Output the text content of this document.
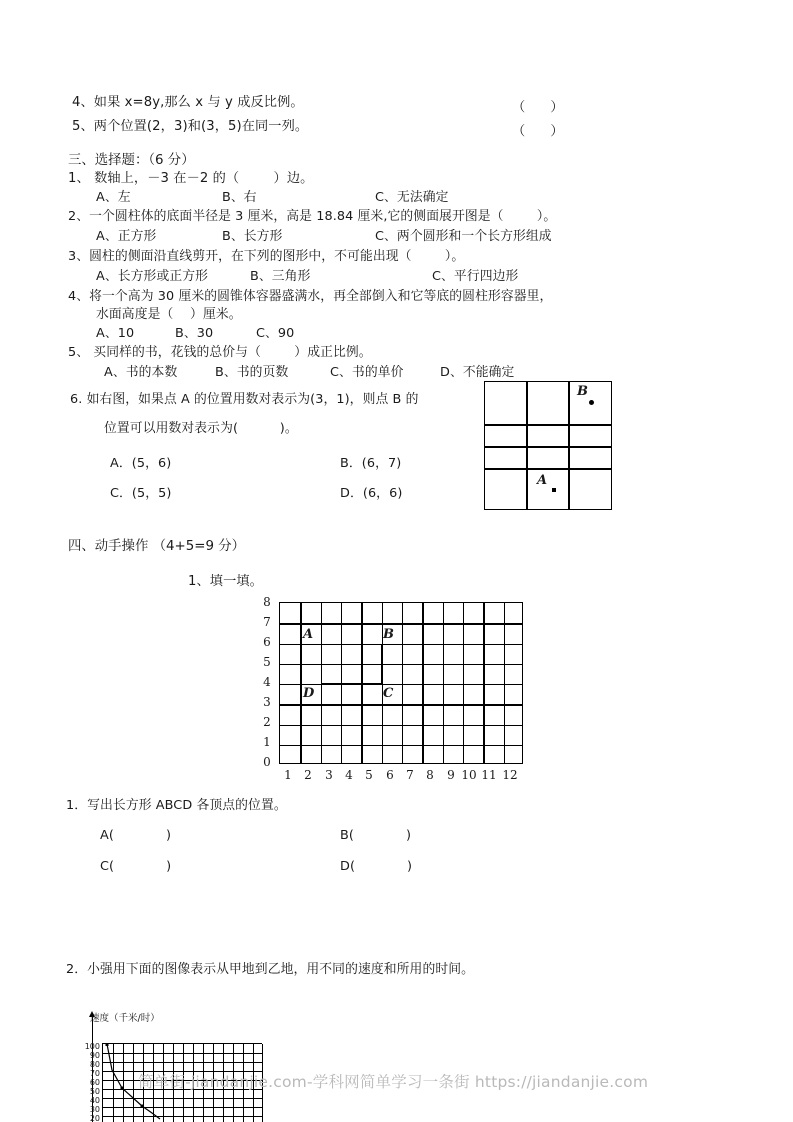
4、如果 x=8y,那么 x 与 y 成反比例。	（      ）
5、两个位置(2，3)和(3，5)在同一列。	（      ）
三、选择题：（6 分）
1、 数轴上，－3 在－2 的（        ）边。
A、左	B、右	C、无法确定
2、一个圆柱体的底面半径是 3 厘米，高是 18.84 厘米,它的侧面展开图是（        ）。
A、正方形	B、长方形	C、两个圆形和一个长方形组成
3、圆柱的侧面沿直线剪开，在下列的图形中，不可能出现（        ）。
A、长方形或正方形	B、三角形	C、平行四边形
4、将一个高为 30 厘米的圆锥体容器盛满水，再全部倒入和它等底的圆柱形容器里，
水面高度是（    ）厘米。
A、10	B、30	C、90
5、 买同样的书，花钱的总价与（        ）成正比例。
A、书的本数	B、书的页数	C、书的单价	D、不能确定
6. 如右图，如果点 A 的位置用数对表示为(3，1)，则点 B 的
位置可以用数对表示为(          )。
A．(5，6)	B．(6，7)
C．(5，5)	D．(6，6)
B
A
四、动手操作 （4+5=9 分）
1、填一填。
A	B
D	C
8
7
6
5
4
3
2
1
0
1 2 3 4 5 6 7 8 9 10 11 12
1．写出长方形 ABCD 各顶点的位置。
A(	)	B(	)
C(	)	D(	)
2．小强用下面的图像表示从甲地到乙地，用不同的速度和所用的时间。
速度（千米/时）
100
90
80
70
60
50
40
30
20
简单街-jiandanjie.com-学科网简单学习一条街 https://jiandanjie.com
